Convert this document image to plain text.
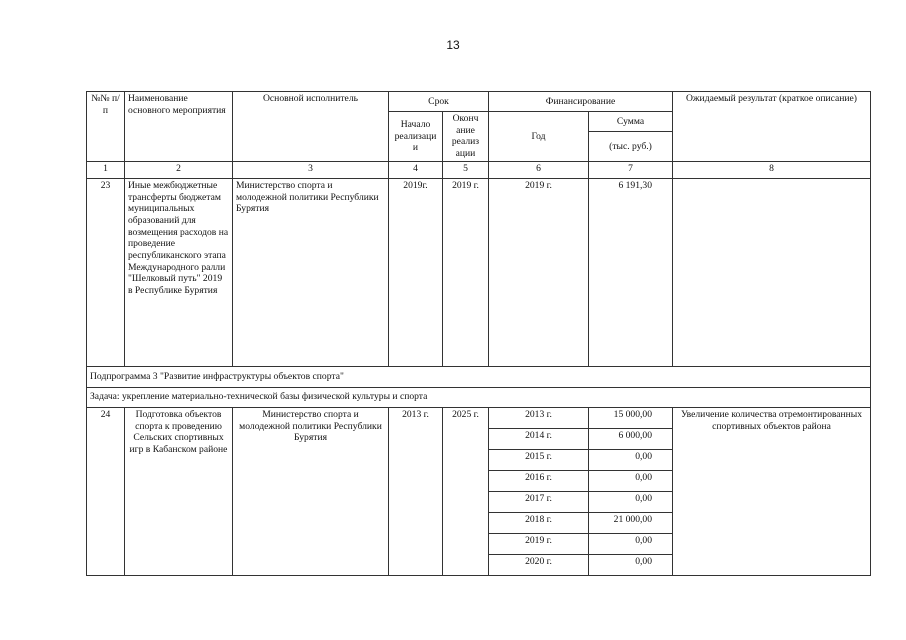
13
№№ п/п	Наименование основного мероприятия	Основной исполнитель	Срок		Финансирование		Ожидаемый результат (краткое описание)
			Начало реализаци и	Оконч ание реализ ации	Год	Сумма	
						(тыс. руб.)	
1	2	3	4	5	6	7	8
23	Иные межбюджетные трансферты бюджетам муниципальных образований для возмещения расходов на проведение республиканского этапа Международного ралли "Шелковый путь" 2019 в Республике Бурятия	Министерство спорта и молодежной политики Республики Бурятия	2019г.	2019 г.	2019 г.	6 191,30	
Подпрограмма 3 "Развитие инфраструктуры объектов спорта"							
Задача: укрепление материально-технической базы физической культуры и спорта							
24	Подготовка объектов спорта к проведению Сельских спортивных игр в Кабанском районе	Министерство спорта и молодежной политики Республики Бурятия	2013 г.	2025 г.	2013 г.	15 000,00	Увеличение количества отремонтированных спортивных объектов района
					2014 г.	6 000,00	
					2015 г.	0,00	
					2016 г.	0,00	
					2017 г.	0,00	
					2018 г.	21 000,00	
					2019 г.	0,00	
					2020 г.	0,00	
